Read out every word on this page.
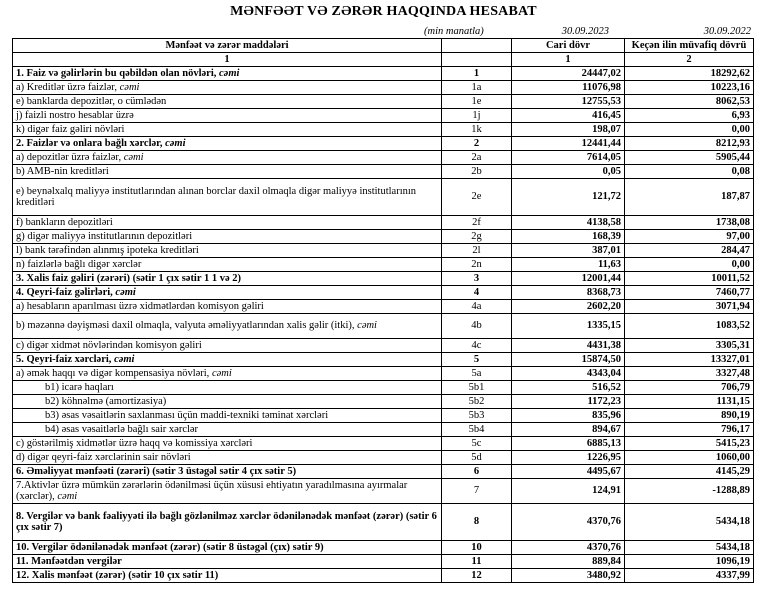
MƏNFƏƏT VƏ ZƏRƏR HAQQINDA HESABAT
(min manatla)	30.09.2023	30.09.2022
Mənfəət və zərər maddələri		Cari dövr	Keçən ilin müvafiq dövrü
1		1	2
1. Faiz və gəlirlərin bu qəbildən olan növləri, cəmi	1	24447,02	18292,62
a) Kreditlər üzrə faizlər, cəmi	1a	11076,98	10223,16
e) banklarda depozitlər, o cümlədən	1e	12755,53	8062,53
j) faizli nostro hesablar üzrə	1j	416,45	6,93
k) digər faiz gəliri növləri	1k	198,07	0,00
2. Faizlər və onlara bağlı xərclər, cəmi	2	12441,44	8212,93
a) depozitlər üzrə faizlər, cəmi	2a	7614,05	5905,44
b) AMB-nin kreditləri	2b	0,05	0,08
e) beynəlxalq maliyyə institutlarından alınan borclar daxil olmaqla digər maliyyə institutlarının kreditləri	2e	121,72	187,87
f) bankların depozitləri	2f	4138,58	1738,08
g) digər maliyyə institutlarının depozitləri	2g	168,39	97,00
l) bank tərəfindən alınmış ipoteka kreditləri	2l	387,01	284,47
n) faizlərlə bağlı digər xərclər	2n	11,63	0,00
3. Xalis faiz gəliri (zərəri) (sətir 1 çıx sətir 1 1 və 2)	3	12001,44	10011,52
4. Qeyri-faiz gəlirləri, cəmi	4	8368,73	7460,77
a) hesabların aparılması üzrə xidmətlərdən komisyon gəliri	4a	2602,20	3071,94
b) məzənnə dəyişməsi daxil olmaqla, valyuta əməliyyatlarından xalis gəlir (itki), cəmi	4b	1335,15	1083,52
c) digər xidmət növlərindən komisyon gəliri	4c	4431,38	3305,31
5. Qeyri-faiz xərcləri, cəmi	5	15874,50	13327,01
a) əmək haqqı və digər kompensasiya növləri, cəmi	5a	4343,04	3327,48
b1) icarə haqları	5b1	516,52	706,79
b2) köhnəlmə (amortizasiya)	5b2	1172,23	1131,15
b3) əsas vəsaitlərin saxlanması üçün maddi-texniki təminat xərcləri	5b3	835,96	890,19
b4) əsas vəsaitlərlə bağlı sair xərclər	5b4	894,67	796,17
c) göstərilmiş xidmətlər üzrə haqq və komissiya xərcləri	5c	6885,13	5415,23
d) digər qeyri-faiz xərclərinin sair növləri	5d	1226,95	1060,00
6. Əməliyyat mənfəəti (zərəri) (sətir 3 üstəgəl sətir 4 çıx sətir 5)	6	4495,67	4145,29
7.Aktivlər üzrə mümkün zərərlərin ödənilməsi üçün xüsusi ehtiyatın yaradılmasına ayırmalar (xərclər), cəmi	7	124,91	-1288,89
8. Vergilər və bank fəaliyyəti ilə bağlı gözlənilməz xərclər ödənilənədək mənfəət (zərər) (sətir 6 çıx sətir 7)	8	4370,76	5434,18
10. Vergilər ödənilənədək mənfəət (zərər) (sətir 8 üstəgəl (çıx) sətir 9)	10	4370,76	5434,18
11. Mənfəətdən vergilər	11	889,84	1096,19
12. Xalis mənfəət (zərər) (sətir 10 çıx sətir 11)	12	3480,92	4337,99
